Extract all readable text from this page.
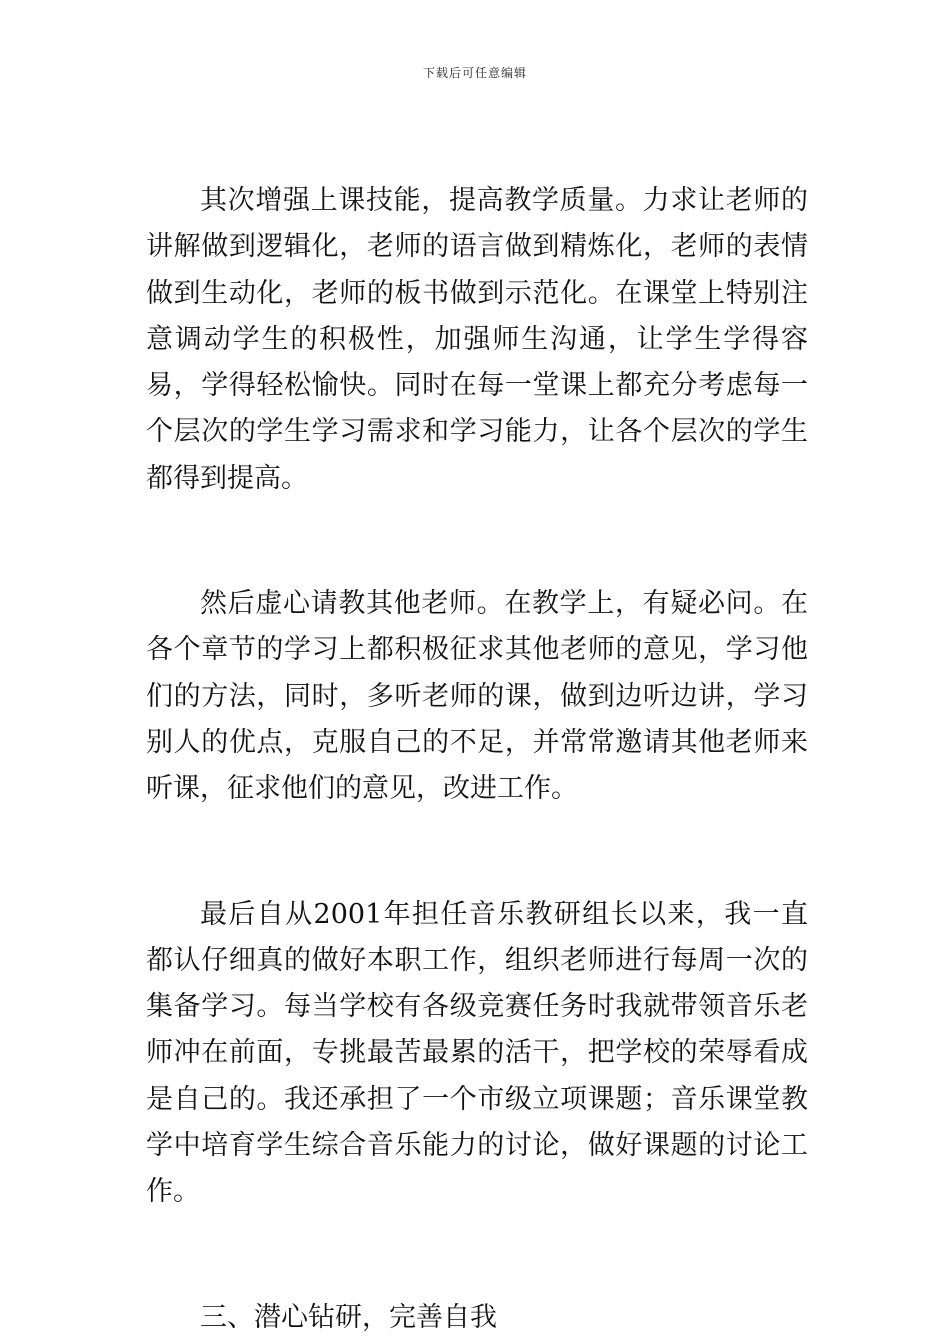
下载后可任意编辑

其次增强上课技能，提高教学质量。力求让老师的讲解做到逻辑化，老师的语言做到精炼化，老师的表情做到生动化，老师的板书做到示范化。在课堂上特别注意调动学生的积极性，加强师生沟通，让学生学得容易，学得轻松愉快。同时在每一堂课上都充分考虑每一个层次的学生学习需求和学习能力，让各个层次的学生都得到提高。

然后虚心请教其他老师。在教学上，有疑必问。在各个章节的学习上都积极征求其他老师的意见，学习他们的方法，同时，多听老师的课，做到边听边讲，学习别人的优点，克服自己的不足，并常常邀请其他老师来听课，征求他们的意见，改进工作。

最后自从2001年担任音乐教研组长以来，我一直都认仔细真的做好本职工作，组织老师进行每周一次的集备学习。每当学校有各级竞赛任务时我就带领音乐老师冲在前面，专挑最苦最累的活干，把学校的荣辱看成是自己的。我还承担了一个市级立项课题；音乐课堂教学中培育学生综合音乐能力的讨论，做好课题的讨论工作。

三、潜心钻研，完善自我
